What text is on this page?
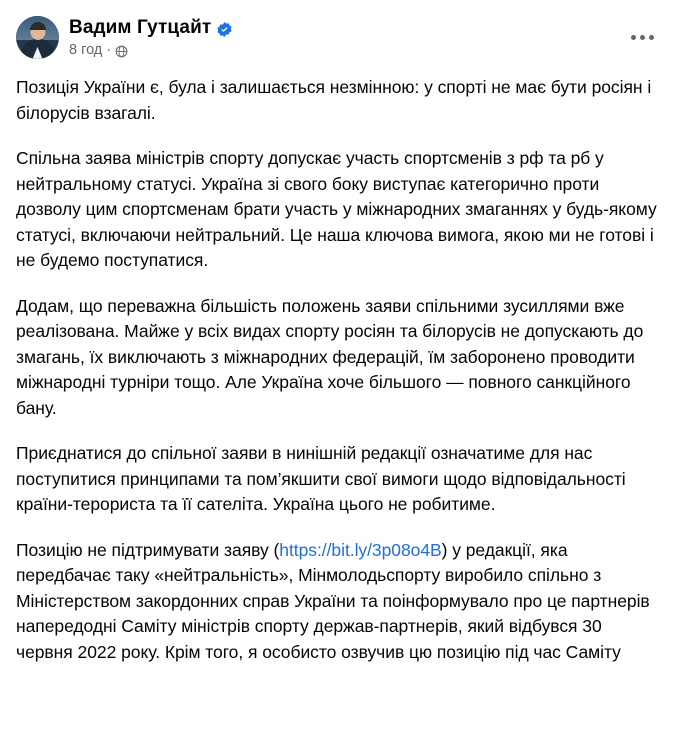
Вадим Гутцайт
8 год ·

Позиція України є, була і залишається незмінною: у спорті не має бути росіян і білорусів взагалі.

Спільна заява міністрів спорту допускає участь спортсменів з рф та рб у нейтральному статусі. Україна зі свого боку виступає категорично проти дозволу цим спортсменам брати участь у міжнародних змаганнях у будь-якому статусі, включаючи нейтральний. Це наша ключова вимога, якою ми не готові і не будемо поступатися.

Додам, що переважна більшість положень заяви спільними зусиллями вже реалізована. Майже у всіх видах спорту росіян та білорусів не допускають до змагань, їх виключають з міжнародних федерацій, їм заборонено проводити міжнародні турніри тощо. Але Україна хоче більшого — повного санкційного бану.

Приєднатися до спільної заяви в нинішній редакції означатиме для нас поступитися принципами та пом’якшити свої вимоги щодо відповідальності країни-терориста та її сателіта. Україна цього не робитиме.

Позицію не підтримувати заяву (https://bit.ly/3p08o4B) у редакції, яка передбачає таку «нейтральність», Мінмолодьспорту виробило спільно з Міністерством закордонних справ України та поінформувало про це партнерів напередодні Саміту міністрів спорту держав-партнерів, який відбувся 30 червня 2022 року. Крім того, я особисто озвучив цю позицію під час Саміту
